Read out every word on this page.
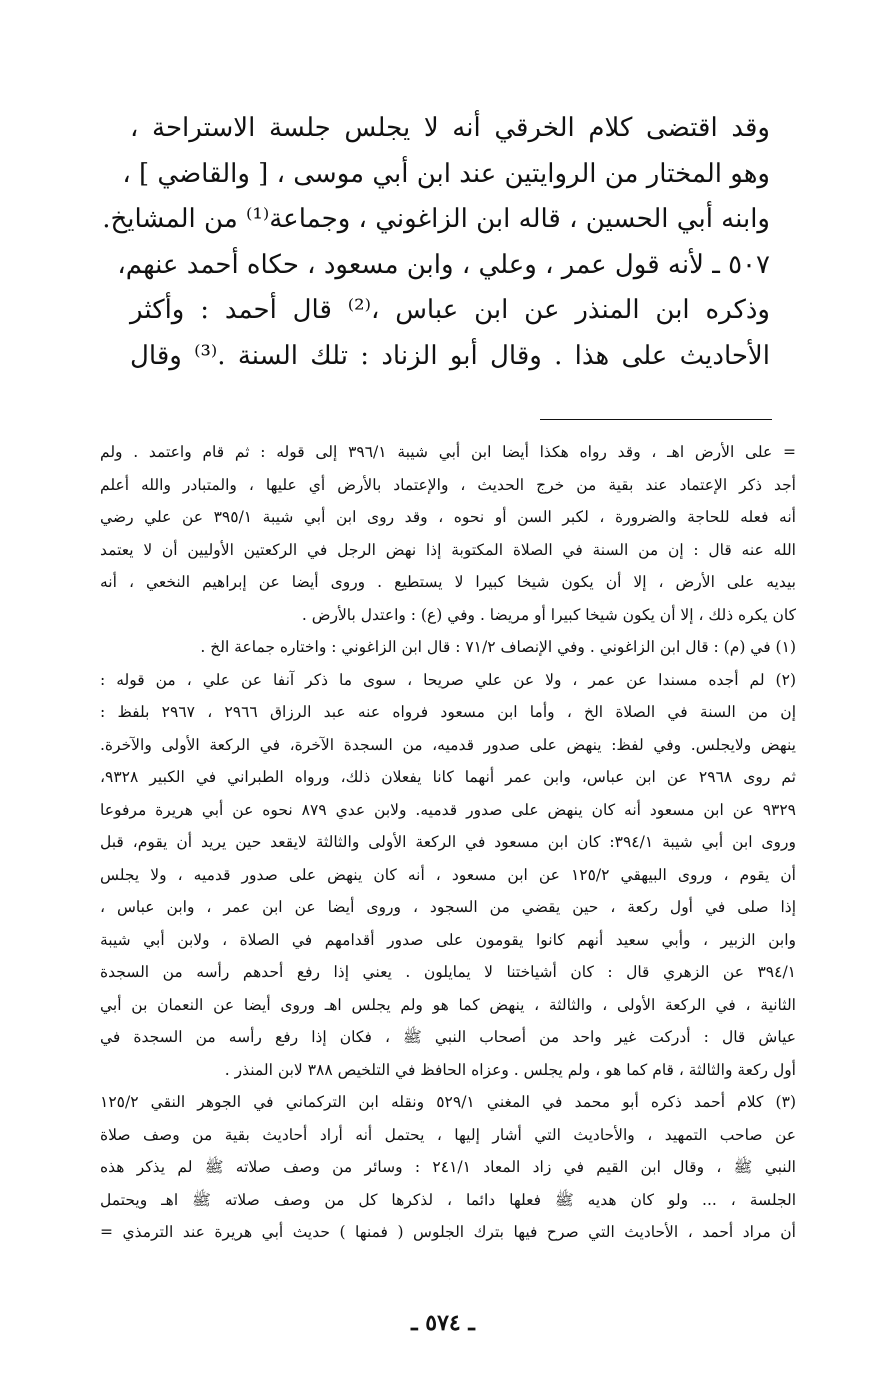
وقد اقتضى كلام الخرقي أنه لا يجلس جلسة الاستراحة ،
وهو المختار من الروايتين عند ابن أبي موسى ، [ والقاضي ] ،
وابنه أبي الحسين ، قاله ابن الزاغوني ، وجماعة⁽¹⁾ من المشايخ.
٥٠٧ ـ لأنه قول عمر ، وعلي ، وابن مسعود ، حكاه أحمد عنهم،
وذكره ابن المنذر عن ابن عباس ،⁽²⁾ قال أحمد : وأكثر
الأحاديث على هذا . وقال أبو الزناد : تلك السنة .⁽³⁾ وقال
= على الأرض اهـ ، وقد رواه هكذا أيضا ابن أبي شيبة ٣٩٦/١ إلى قوله : ثم قام واعتمد . ولم
أجد ذكر الإعتماد عند بقية من خرج الحديث ، والإعتماد بالأرض أي عليها ، والمتبادر والله أعلم
أنه فعله للحاجة والضرورة ، لكبر السن أو نحوه ، وقد روى ابن أبي شيبة ٣٩٥/١ عن علي رضي
الله عنه قال : إن من السنة في الصلاة المكتوبة إذا نهض الرجل في الركعتين الأوليين أن لا يعتمد
بيديه على الأرض ، إلا أن يكون شيخا كبيرا لا يستطيع . وروى أيضا عن إبراهيم النخعي ، أنه
كان يكره ذلك ، إلا أن يكون شيخا كبيرا أو مريضا . وفي (ع) : واعتدل بالأرض .
(١) في (م) : قال ابن الزاغوني . وفي الإنصاف ٧١/٢ : قال ابن الزاغوني : واختاره جماعة الخ .
(٢) لم أجده مسندا عن عمر ، ولا عن علي صريحا ، سوى ما ذكر آنفا عن علي ، من قوله :
إن من السنة في الصلاة الخ ، وأما ابن مسعود فرواه عنه عبد الرزاق ٢٩٦٦ ، ٢٩٦٧ بلفظ :
ينهض ولايجلس. وفي لفظ: ينهض على صدور قدميه، من السجدة الآخرة، في الركعة الأولى والآخرة.
ثم روى ٢٩٦٨ عن ابن عباس، وابن عمر أنهما كانا يفعلان ذلك، ورواه الطبراني في الكبير ٩٣٢٨،
٩٣٢٩ عن ابن مسعود أنه كان ينهض على صدور قدميه. ولابن عدي ٨٧٩ نحوه عن أبي هريرة مرفوعا
وروى ابن أبي شيبة ٣٩٤/١: كان ابن مسعود في الركعة الأولى والثالثة لايقعد حين يريد أن يقوم، قبل
أن يقوم ، وروى البيهقي ١٢٥/٢ عن ابن مسعود ، أنه كان ينهض على صدور قدميه ، ولا يجلس
إذا صلى في أول ركعة ، حين يقضي من السجود ، وروى أيضا عن ابن عمر ، وابن عباس ،
وابن الزبير ، وأبي سعيد أنهم كانوا يقومون على صدور أقدامهم في الصلاة ، ولابن أبي شيبة
٣٩٤/١ عن الزهري قال : كان أشياختنا لا يمايلون . يعني إذا رفع أحدهم رأسه من السجدة
الثانية ، في الركعة الأولى ، والثالثة ، ينهض كما هو ولم يجلس اهـ وروى أيضا عن النعمان بن أبي
عياش قال : أدركت غير واحد من أصحاب النبي ﷺ ، فكان إذا رفع رأسه من السجدة في
أول ركعة والثالثة ، قام كما هو ، ولم يجلس . وعزاه الحافظ في التلخيص ٣٨٨ لابن المنذر .
(٣) كلام أحمد ذكره أبو محمد في المغني ٥٢٩/١ ونقله ابن التركماني في الجوهر النقي ١٢٥/٢
عن صاحب التمهيد ، والأحاديث التي أشار إليها ، يحتمل أنه أراد أحاديث بقية من وصف صلاة
النبي ﷺ ، وقال ابن القيم في زاد المعاد ٢٤١/١ : وسائر من وصف صلاته ﷺ لم يذكر هذه
الجلسة ، ... ولو كان هديه ﷺ فعلها دائما ، لذكرها كل من وصف صلاته ﷺ اهـ ويحتمل
أن مراد أحمد ، الأحاديث التي صرح فيها بترك الجلوس ( فمنها ) حديث أبي هريرة عند الترمذي =
ـ ٥٧٤ ـ
